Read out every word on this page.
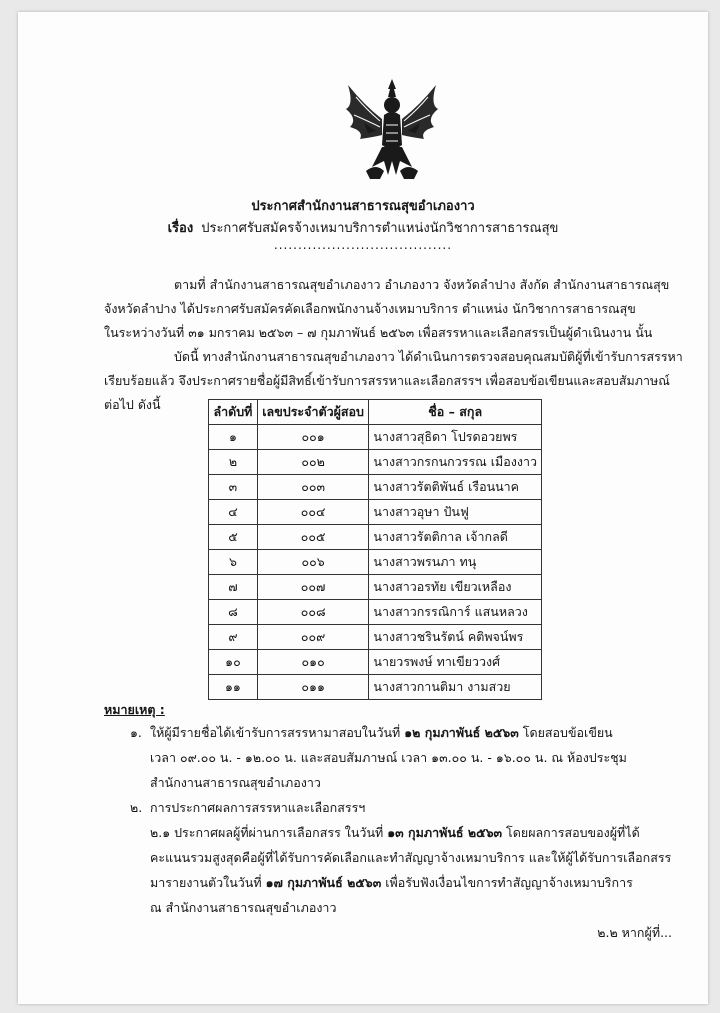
ประกาศสำนักงานสาธารณสุขอำเภองาว
เรื่อง ประกาศรับสมัครจ้างเหมาบริการตำแหน่งนักวิชาการสาธารณสุข
.....................................
ตามที่ สำนักงานสาธารณสุขอำเภองาว อำเภองาว จังหวัดลำปาง สังกัด สำนักงานสาธารณสุข
จังหวัดลำปาง ได้ประกาศรับสมัครคัดเลือกพนักงานจ้างเหมาบริการ ตำแหน่ง นักวิชาการสาธารณสุข
ในระหว่างวันที่ ๓๑ มกราคม ๒๕๖๓ – ๗ กุมภาพันธ์ ๒๕๖๓ เพื่อสรรหาและเลือกสรรเป็นผู้ดำเนินงาน นั้น
บัดนี้ ทางสำนักงานสาธารณสุขอำเภองาว ได้ดำเนินการตรวจสอบคุณสมบัติผู้ที่เข้ารับการสรรหา
เรียบร้อยแล้ว จึงประกาศรายชื่อผู้มีสิทธิ์เข้ารับการสรรหาและเลือกสรรฯ เพื่อสอบข้อเขียนและสอบสัมภาษณ์
ต่อไป ดังนี้	ลำดับที่	เลขประจำตัวผู้สอบ	ชื่อ – สกุล
๑	๐๐๑	นางสาวสุธิดา โปรดอวยพร
๒	๐๐๒	นางสาวกรกนกวรรณ เมืองงาว
๓	๐๐๓	นางสาวรัตติพันธ์ เรือนนาค
๔	๐๐๔	นางสาวอุษา ปันฟู
๕	๐๐๕	นางสาวรัตติกาล เจ้ากลดี
๖	๐๐๖	นางสาวพรนภา ทนุ
๗	๐๐๗	นางสาวอรทัย เขียวเหลือง
๘	๐๐๘	นางสาวกรรณิการ์ แสนหลวง
๙	๐๐๙	นางสาวชรินรัตน์ คติพจน์พร
๑๐	๐๑๐	นายวรพงษ์ ทาเขียววงศ์
๑๑	๐๑๑	นางสาวกานติมา งามสวย
หมายเหตุ :
๑. ให้ผู้มีรายชื่อได้เข้ารับการสรรหามาสอบในวันที่ ๑๒ กุมภาพันธ์ ๒๕๖๓ โดยสอบข้อเขียน
เวลา ๐๙.๐๐ น. - ๑๒.๐๐ น. และสอบสัมภาษณ์ เวลา ๑๓.๐๐ น. - ๑๖.๐๐ น. ณ ห้องประชุม
สำนักงานสาธารณสุขอำเภองาว
๒. การประกาศผลการสรรหาและเลือกสรรฯ
๒.๑ ประกาศผลผู้ที่ผ่านการเลือกสรร ในวันที่ ๑๓ กุมภาพันธ์ ๒๕๖๓ โดยผลการสอบของผู้ที่ได้
คะแนนรวมสูงสุดคือผู้ที่ได้รับการคัดเลือกและทำสัญญาจ้างเหมาบริการ และให้ผู้ได้รับการเลือกสรร
มารายงานตัวในวันที่ ๑๗ กุมภาพันธ์ ๒๕๖๓ เพื่อรับฟังเงื่อนไขการทำสัญญาจ้างเหมาบริการ
ณ สำนักงานสาธารณสุขอำเภองาว
๒.๒ หากผู้ที่...
